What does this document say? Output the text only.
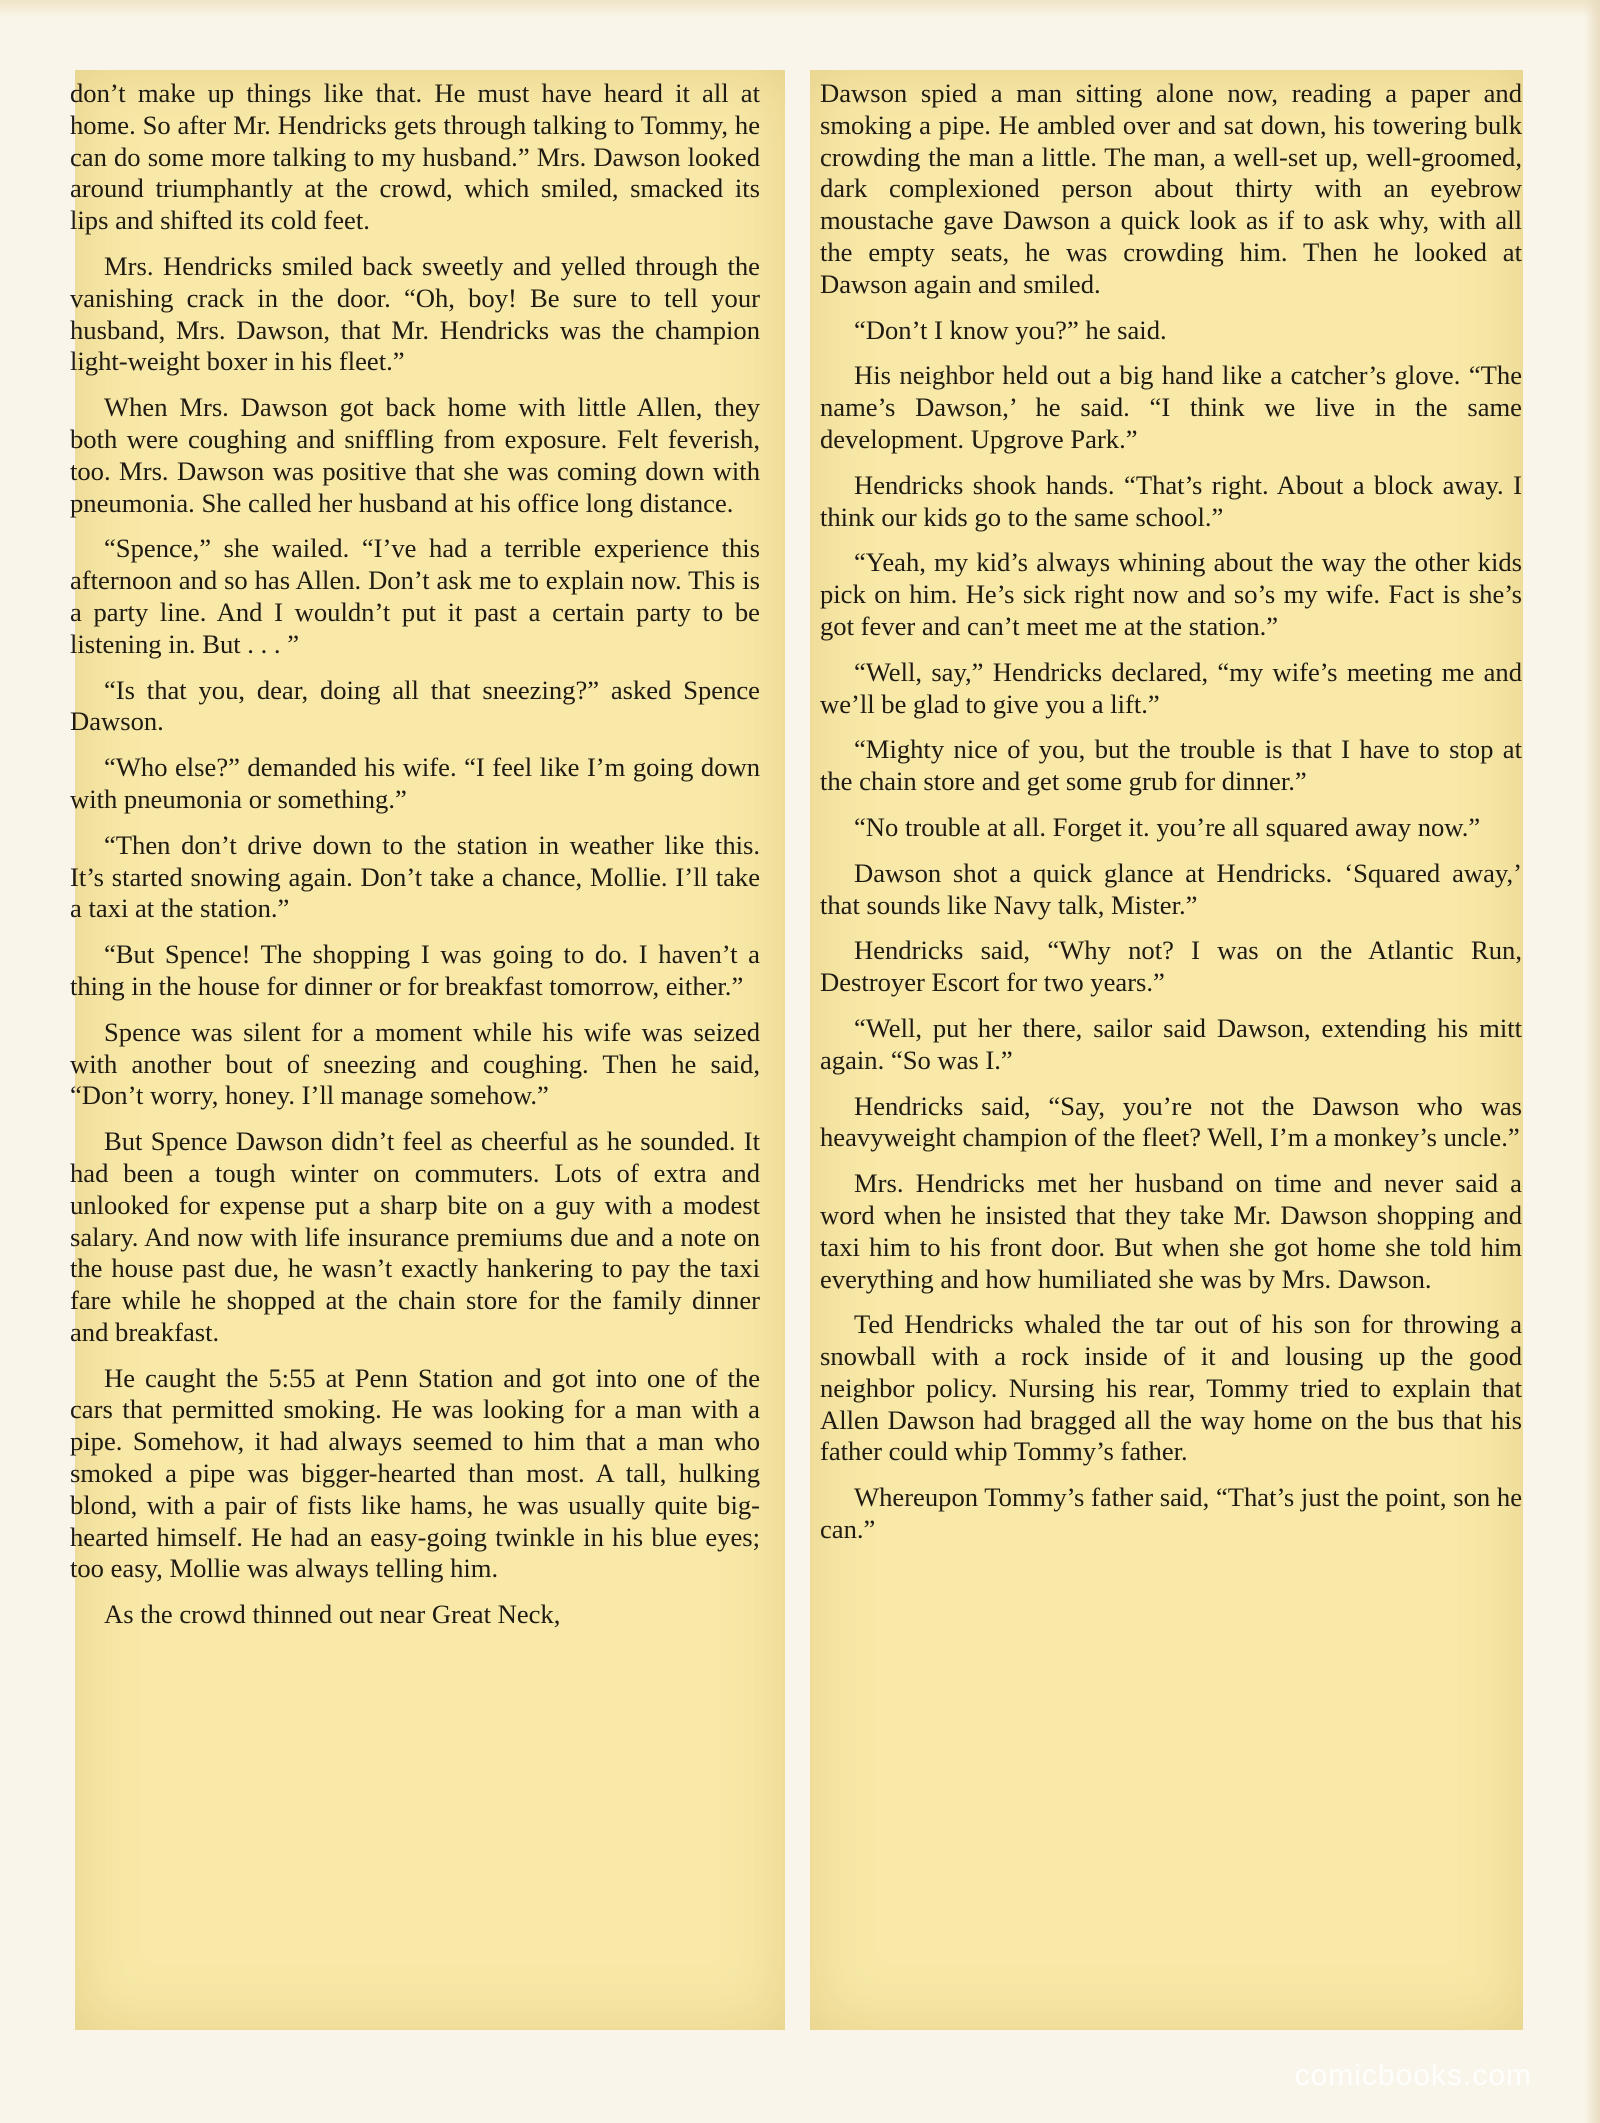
don’t make up things like that. He must have heard it all at home. So after Mr. Hendricks gets through talking to Tommy, he can do some more talking to my husband.” Mrs. Dawson looked around triumphantly at the crowd, which smiled, smacked its lips and shifted its cold feet.

Mrs. Hendricks smiled back sweetly and yelled through the vanishing crack in the door. “Oh, boy! Be sure to tell your husband, Mrs. Dawson, that Mr. Hendricks was the champion light-weight boxer in his fleet.”

When Mrs. Dawson got back home with little Allen, they both were coughing and sniffling from exposure. Felt feverish, too. Mrs. Dawson was positive that she was coming down with pneumonia. She called her husband at his office long distance.

“Spence,” she wailed. “I’ve had a terrible experience this afternoon and so has Allen. Don’t ask me to explain now. This is a party line. And I wouldn’t put it past a certain party to be listening in. But . . . ”

“Is that you, dear, doing all that sneezing?” asked Spence Dawson.

“Who else?” demanded his wife. “I feel like I’m going down with pneumonia or something.”

“Then don’t drive down to the station in weather like this. It’s started snowing again. Don’t take a chance, Mollie. I’ll take a taxi at the station.”

“But Spence! The shopping I was going to do. I haven’t a thing in the house for dinner or for breakfast tomorrow, either.”

Spence was silent for a moment while his wife was seized with another bout of sneezing and coughing. Then he said, “Don’t worry, honey. I’ll manage somehow.”

But Spence Dawson didn’t feel as cheerful as he sounded. It had been a tough winter on commuters. Lots of extra and unlooked for expense put a sharp bite on a guy with a modest salary. And now with life insurance premiums due and a note on the house past due, he wasn’t exactly hankering to pay the taxi fare while he shopped at the chain store for the family dinner and breakfast.

He caught the 5:55 at Penn Station and got into one of the cars that permitted smoking. He was looking for a man with a pipe. Somehow, it had always seemed to him that a man who smoked a pipe was bigger-hearted than most. A tall, hulking blond, with a pair of fists like hams, he was usually quite big-hearted himself. He had an easy-going twinkle in his blue eyes; too easy, Mollie was always telling him.

As the crowd thinned out near Great Neck,

Dawson spied a man sitting alone now, reading a paper and smoking a pipe. He ambled over and sat down, his towering bulk crowding the man a little. The man, a well-set up, well-groomed, dark complexioned person about thirty with an eyebrow moustache gave Dawson a quick look as if to ask why, with all the empty seats, he was crowding him. Then he looked at Dawson again and smiled.

“Don’t I know you?” he said.

His neighbor held out a big hand like a catcher’s glove. “The name’s Dawson,’ he said. “I think we live in the same development. Upgrove Park.”

Hendricks shook hands. “That’s right. About a block away. I think our kids go to the same school.”

“Yeah, my kid’s always whining about the way the other kids pick on him. He’s sick right now and so’s my wife. Fact is she’s got fever and can’t meet me at the station.”

“Well, say,” Hendricks declared, “my wife’s meeting me and we’ll be glad to give you a lift.”

“Mighty nice of you, but the trouble is that I have to stop at the chain store and get some grub for dinner.”

“No trouble at all. Forget it. you’re all squared away now.”

Dawson shot a quick glance at Hendricks. ‘Squared away,’ that sounds like Navy talk, Mister.”

Hendricks said, “Why not? I was on the Atlantic Run, Destroyer Escort for two years.”

“Well, put her there, sailor said Dawson, extending his mitt again. “So was I.”

Hendricks said, “Say, you’re not the Dawson who was heavyweight champion of the fleet? Well, I’m a monkey’s uncle.”

Mrs. Hendricks met her husband on time and never said a word when he insisted that they take Mr. Dawson shopping and taxi him to his front door. But when she got home she told him everything and how humiliated she was by Mrs. Dawson.

Ted Hendricks whaled the tar out of his son for throwing a snowball with a rock inside of it and lousing up the good neighbor policy. Nursing his rear, Tommy tried to explain that Allen Dawson had bragged all the way home on the bus that his father could whip Tommy’s father.

Whereupon Tommy’s father said, “That’s just the point, son he can.”

comicbooks.com
